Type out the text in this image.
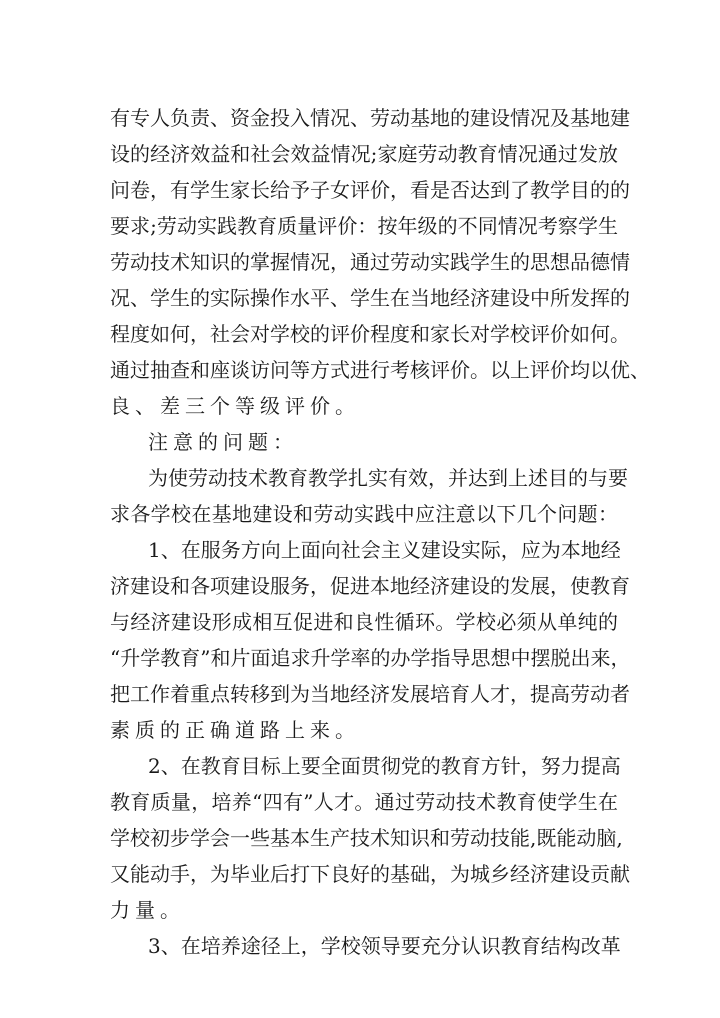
有专人负责、资金投入情况、劳动基地的建设情况及基地建
设的经济效益和社会效益情况;家庭劳动教育情况通过发放
问卷，有学生家长给予子女评价，看是否达到了教学目的的
要求;劳动实践教育质量评价：按年级的不同情况考察学生
劳动技术知识的掌握情况，通过劳动实践学生的思想品德情
况、学生的实际操作水平、学生在当地经济建设中所发挥的
程度如何，社会对学校的评价程度和家长对学校评价如何。
通过抽查和座谈访问等方式进行考核评价。以上评价均以优、
良、差三个等级评价。
注意的问题：
为使劳动技术教育教学扎实有效，并达到上述目的与要
求各学校在基地建设和劳动实践中应注意以下几个问题：
1、在服务方向上面向社会主义建设实际，应为本地经
济建设和各项建设服务，促进本地经济建设的发展，使教育
与经济建设形成相互促进和良性循环。学校必须从单纯的
“升学教育”和片面追求升学率的办学指导思想中摆脱出来，
把工作着重点转移到为当地经济发展培育人才，提高劳动者
素质的正确道路上来。
2、在教育目标上要全面贯彻党的教育方针，努力提高
教育质量，培养“四有”人才。通过劳动技术教育使学生在
学校初步学会一些基本生产技术知识和劳动技能,既能动脑,
又能动手，为毕业后打下良好的基础，为城乡经济建设贡献
力量。
3、在培养途径上，学校领导要充分认识教育结构改革
